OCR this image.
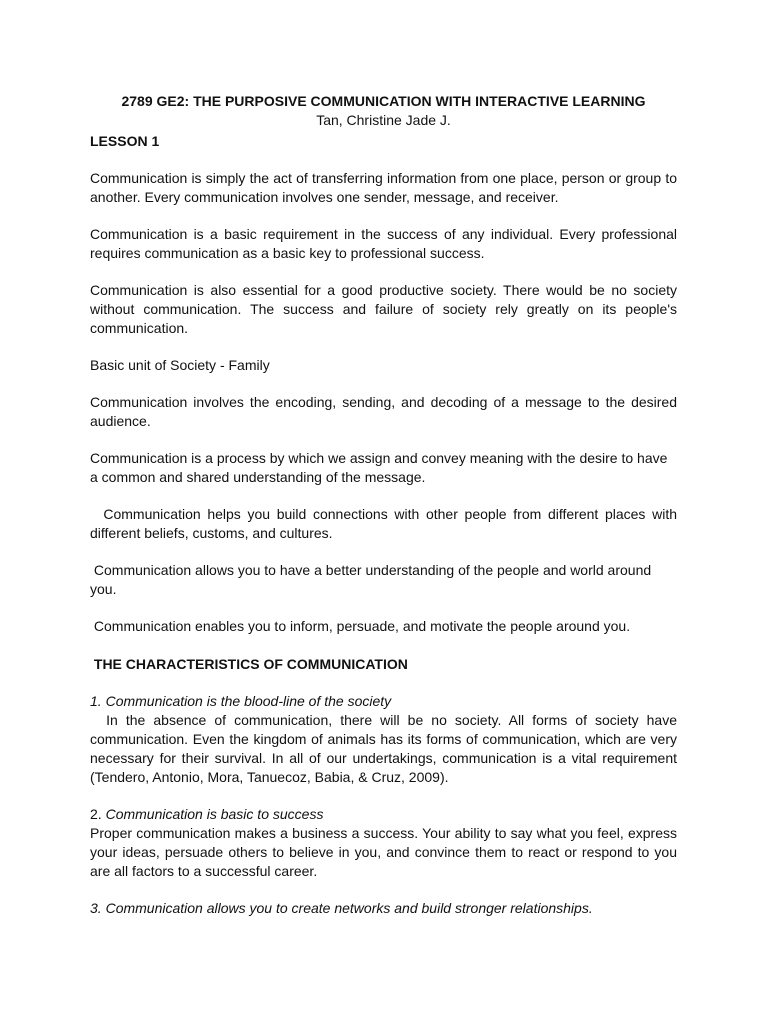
2789 GE2: THE PURPOSIVE COMMUNICATION WITH INTERACTIVE LEARNING

Tan, Christine Jade J.

LESSON 1

Communication is simply the act of transferring information from one place, person or group to another. Every communication involves one sender, message, and receiver.

Communication is a basic requirement in the success of any individual. Every professional requires communication as a basic key to professional success.

Communication is also essential for a good productive society. There would be no society without communication. The success and failure of society rely greatly on its people's communication.

Basic unit of Society - Family

Communication involves the encoding, sending, and decoding of a message to the desired audience.

Communication is a process by which we assign and convey meaning with the desire to have a common and shared understanding of the message.

Communication helps you build connections with other people from different places with different beliefs, customs, and cultures.

Communication allows you to have a better understanding of the people and world around you.

Communication enables you to inform, persuade, and motivate the people around you.

THE CHARACTERISTICS OF COMMUNICATION

1. Communication is the blood-line of the society

In the absence of communication, there will be no society. All forms of society have communication. Even the kingdom of animals has its forms of communication, which are very necessary for their survival. In all of our undertakings, communication is a vital requirement (Tendero, Antonio, Mora, Tanuecoz, Babia, & Cruz, 2009).

2. Communication is basic to success

Proper communication makes a business a success. Your ability to say what you feel, express your ideas, persuade others to believe in you, and convince them to react or respond to you are all factors to a successful career.

3. Communication allows you to create networks and build stronger relationships.
